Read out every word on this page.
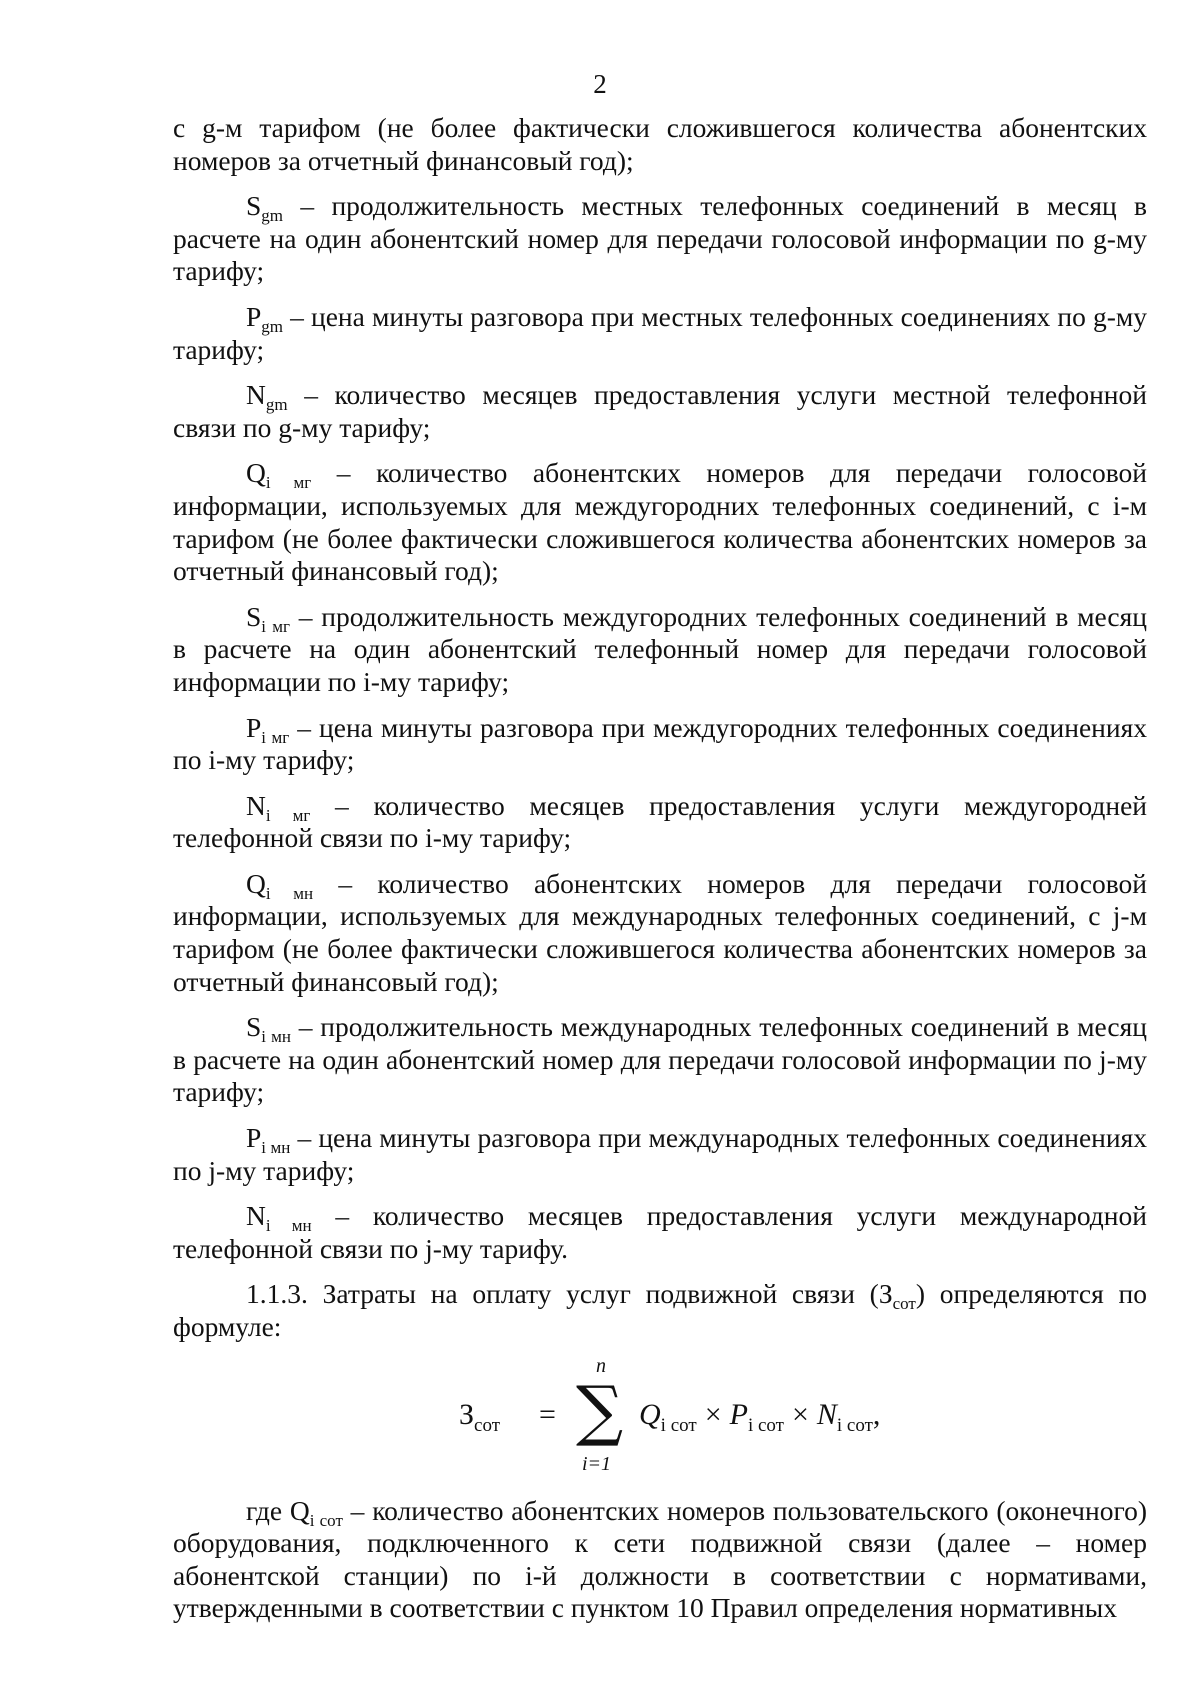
2

с g-м тарифом (не более фактически сложившегося количества абонентских номеров за отчетный финансовый год);

$S_{gm}$ – продолжительность местных телефонных соединений в месяц в расчете на один абонентский номер для передачи голосовой информации по g-му тарифу;

$P_{gm}$ – цена минуты разговора при местных телефонных соединениях по g-му тарифу;

$N_{gm}$ – количество месяцев предоставления услуги местной телефонной связи по g-му тарифу;

$Q_{i мг}$ – количество абонентских номеров для передачи голосовой информации, используемых для междугородних телефонных соединений, с i-м тарифом (не более фактически сложившегося количества абонентских номеров за отчетный финансовый год);

$S_{i мг}$ – продолжительность междугородних телефонных соединений в месяц в расчете на один абонентский телефонный номер для передачи голосовой информации по i-му тарифу;

$P_{i мг}$ – цена минуты разговора при междугородних телефонных соединениях по i-му тарифу;

$N_{i мг}$ – количество месяцев предоставления услуги междугородней телефонной связи по i-му тарифу;

$Q_{i мн}$ – количество абонентских номеров для передачи голосовой информации, используемых для международных телефонных соединений, с j-м тарифом (не более фактически сложившегося количества абонентских номеров за отчетный финансовый год);

$S_{i мн}$ – продолжительность международных телефонных соединений в месяц в расчете на один абонентский номер для передачи голосовой информации по j-му тарифу;

$P_{i мн}$ – цена минуты разговора при международных телефонных соединениях по j-му тарифу;

$N_{i мн}$ – количество месяцев предоставления услуги международной телефонной связи по j-му тарифу.

1.1.3. Затраты на оплату услуг подвижной связи $(З_{сот})$ определяются по формуле:

$З_{сот}$ =
n
∑
i=1
$Q_{i сот} \times P_{i сот} \times N_{i сот}$,

где $Q_{i сот}$ – количество абонентских номеров пользовательского (оконечного) оборудования, подключенного к сети подвижной связи (далее – номер абонентской станции) по i-й должности в соответствии с нормативами, утвержденными в соответствии с пунктом 10 Правил определения нормативных
